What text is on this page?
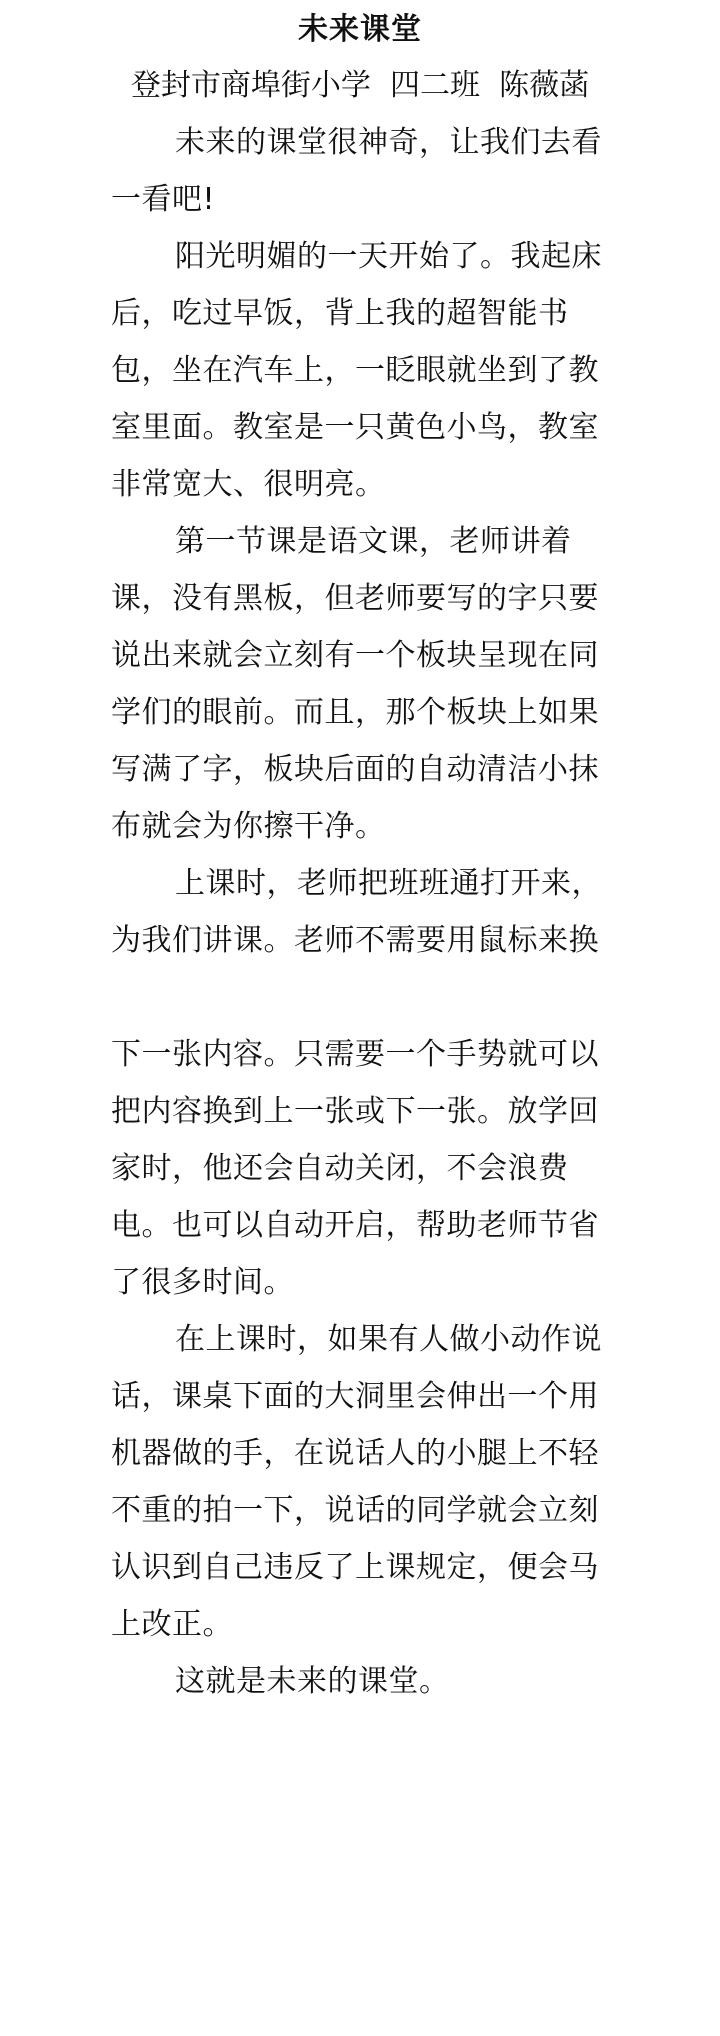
未来课堂
登封市商埠街小学  四二班  陈薇菡
未来的课堂很神奇，让我们去看
一看吧!
阳光明媚的一天开始了。我起床
后，吃过早饭，背上我的超智能书
包，坐在汽车上，一眨眼就坐到了教
室里面。教室是一只黄色小鸟，教室
非常宽大、很明亮。
第一节课是语文课，老师讲着
课，没有黑板，但老师要写的字只要
说出来就会立刻有一个板块呈现在同
学们的眼前。而且，那个板块上如果
写满了字，板块后面的自动清洁小抹
布就会为你擦干净。
上课时，老师把班班通打开来，
为我们讲课。老师不需要用鼠标来换
下一张内容。只需要一个手势就可以
把内容换到上一张或下一张。放学回
家时，他还会自动关闭，不会浪费
电。也可以自动开启，帮助老师节省
了很多时间。
在上课时，如果有人做小动作说
话，课桌下面的大洞里会伸出一个用
机器做的手，在说话人的小腿上不轻
不重的拍一下，说话的同学就会立刻
认识到自己违反了上课规定，便会马
上改正。
这就是未来的课堂。
